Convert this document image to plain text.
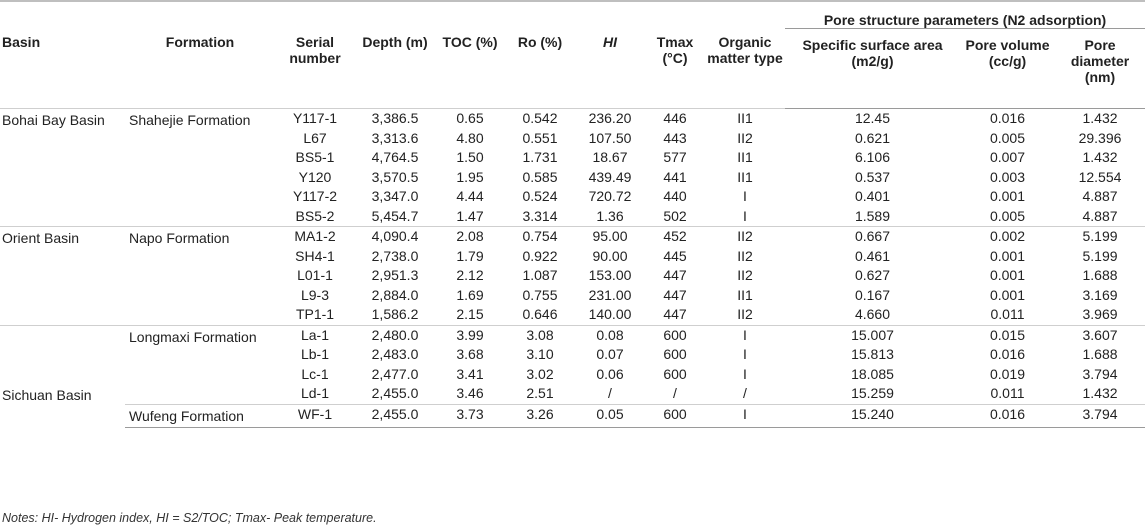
Basin	Formation	Serial number	Depth (m)	TOC (%)	Ro (%)	HI	Tmax (°C)	Organic matter type	Pore structure parameters (N2 adsorption)		
									Specific surface area (m2/g)	Pore volume (cc/g)	Pore diameter (nm)
Bohai Bay Basin	Shahejie Formation	Y117-1	3,386.5	0.65	0.542	236.20	446	II1	12.45	0.016	1.432
		L67	3,313.6	4.80	0.551	107.50	443	II2	0.621	0.005	29.396
		BS5-1	4,764.5	1.50	1.731	18.67	577	II1	6.106	0.007	1.432
		Y120	3,570.5	1.95	0.585	439.49	441	II1	0.537	0.003	12.554
		Y117-2	3,347.0	4.44	0.524	720.72	440	I	0.401	0.001	4.887
		BS5-2	5,454.7	1.47	3.314	1.36	502	I	1.589	0.005	4.887
Orient Basin	Napo Formation	MA1-2	4,090.4	2.08	0.754	95.00	452	II2	0.667	0.002	5.199
		SH4-1	2,738.0	1.79	0.922	90.00	445	II2	0.461	0.001	5.199
		L01-1	2,951.3	2.12	1.087	153.00	447	II2	0.627	0.001	1.688
		L9-3	2,884.0	1.69	0.755	231.00	447	II1	0.167	0.001	3.169
		TP1-1	1,586.2	2.15	0.646	140.00	447	II2	4.660	0.011	3.969
Sichuan Basin	Longmaxi Formation	La-1	2,480.0	3.99	3.08	0.08	600	I	15.007	0.015	3.607
		Lb-1	2,483.0	3.68	3.10	0.07	600	I	15.813	0.016	1.688
		Lc-1	2,477.0	3.41	3.02	0.06	600	I	18.085	0.019	3.794
		Ld-1	2,455.0	3.46	2.51	/	/	/	15.259	0.011	1.432
	Wufeng Formation	WF-1	2,455.0	3.73	3.26	0.05	600	I	15.240	0.016	3.794
Notes: HI- Hydrogen index, HI = S2/TOC; Tmax- Peak temperature.
